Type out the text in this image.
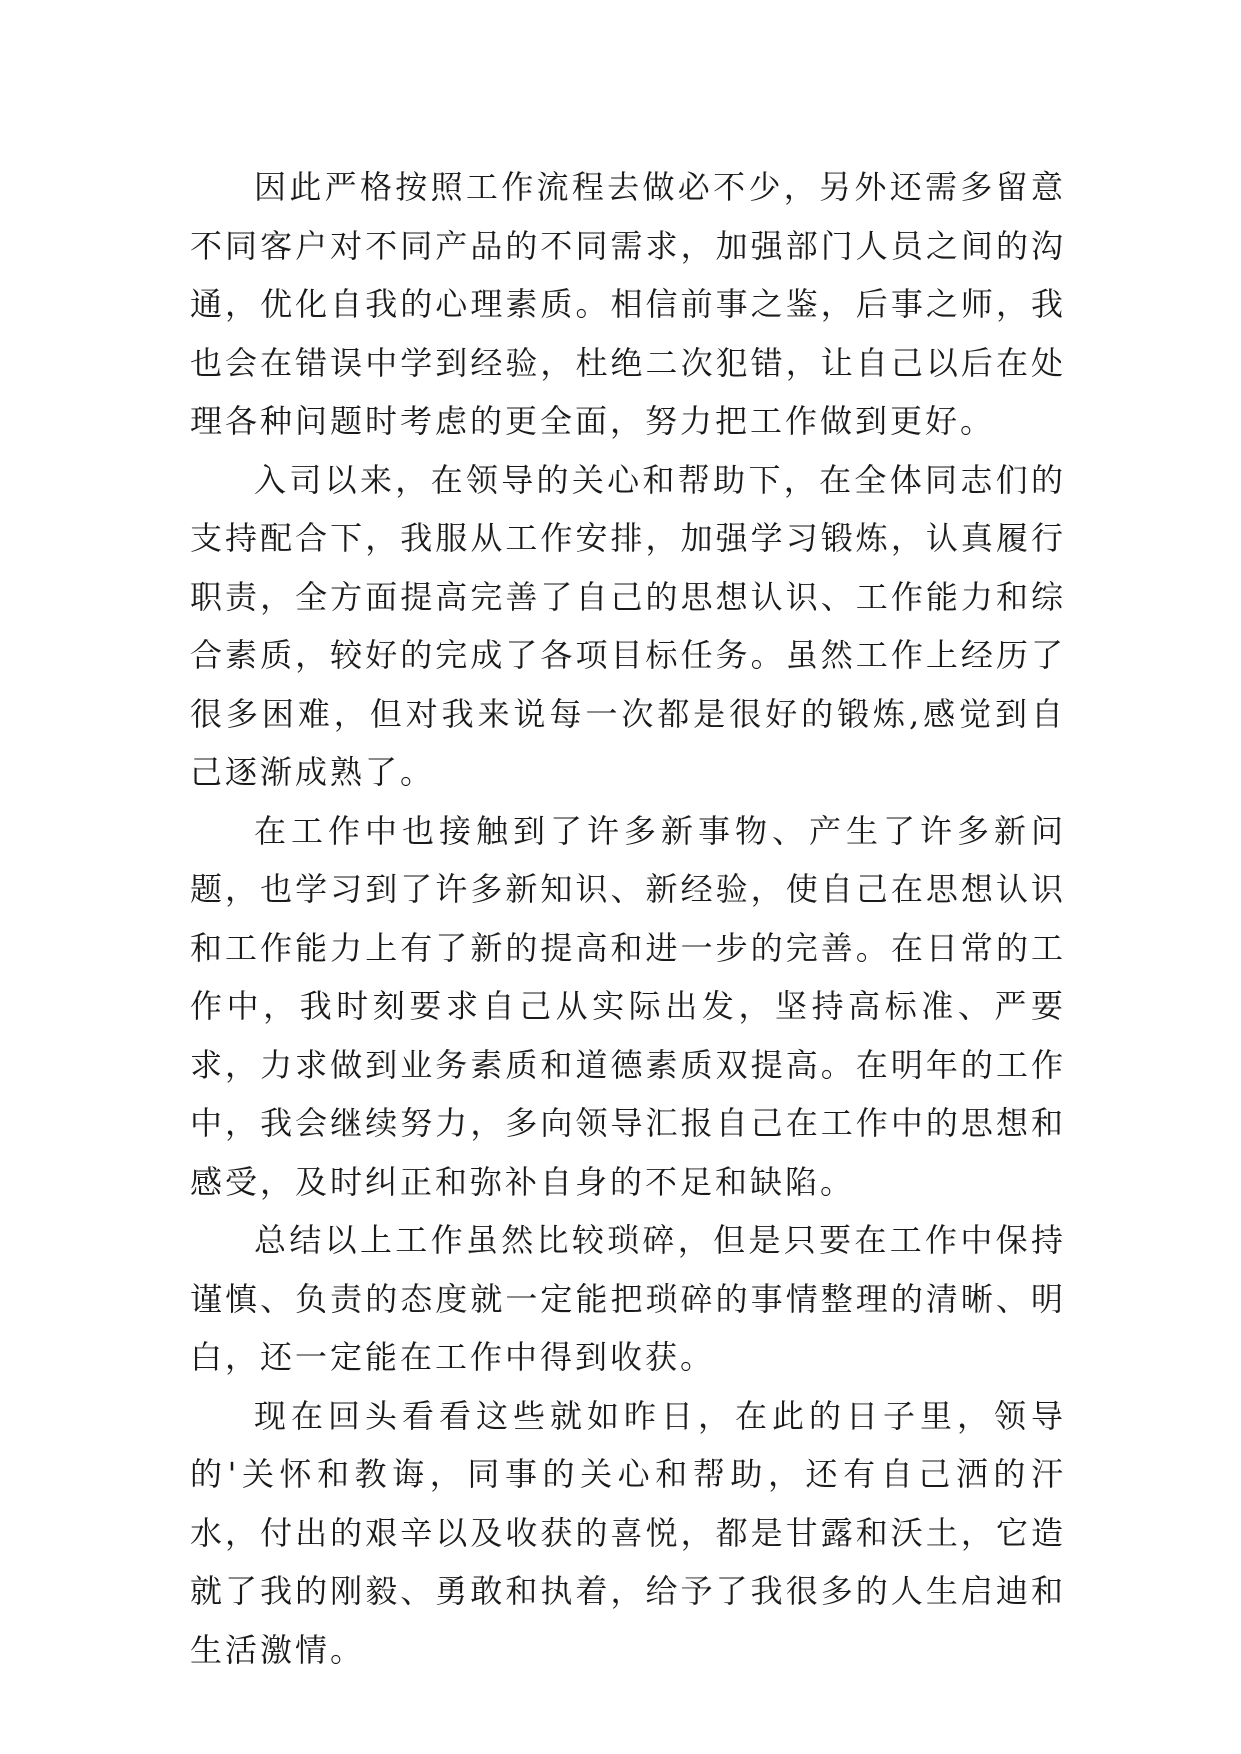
因此严格按照工作流程去做必不少，另外还需多留意不同客户对不同产品的不同需求，加强部门人员之间的沟通，优化自我的心理素质。相信前事之鉴，后事之师，我也会在错误中学到经验，杜绝二次犯错，让自己以后在处理各种问题时考虑的更全面，努力把工作做到更好。

入司以来，在领导的关心和帮助下，在全体同志们的支持配合下，我服从工作安排，加强学习锻炼，认真履行职责，全方面提高完善了自己的思想认识、工作能力和综合素质，较好的完成了各项目标任务。虽然工作上经历了很多困难，但对我来说每一次都是很好的锻炼,感觉到自己逐渐成熟了。

在工作中也接触到了许多新事物、产生了许多新问题，也学习到了许多新知识、新经验，使自己在思想认识和工作能力上有了新的提高和进一步的完善。在日常的工作中，我时刻要求自己从实际出发，坚持高标准、严要求，力求做到业务素质和道德素质双提高。在明年的工作中，我会继续努力，多向领导汇报自己在工作中的思想和感受，及时纠正和弥补自身的不足和缺陷。

总结以上工作虽然比较琐碎，但是只要在工作中保持谨慎、负责的态度就一定能把琐碎的事情整理的清晰、明白，还一定能在工作中得到收获。

现在回头看看这些就如昨日，在此的日子里，领导的'关怀和教诲，同事的关心和帮助，还有自己洒的汗水，付出的艰辛以及收获的喜悦，都是甘露和沃土，它造就了我的刚毅、勇敢和执着，给予了我很多的人生启迪和生活激情。
